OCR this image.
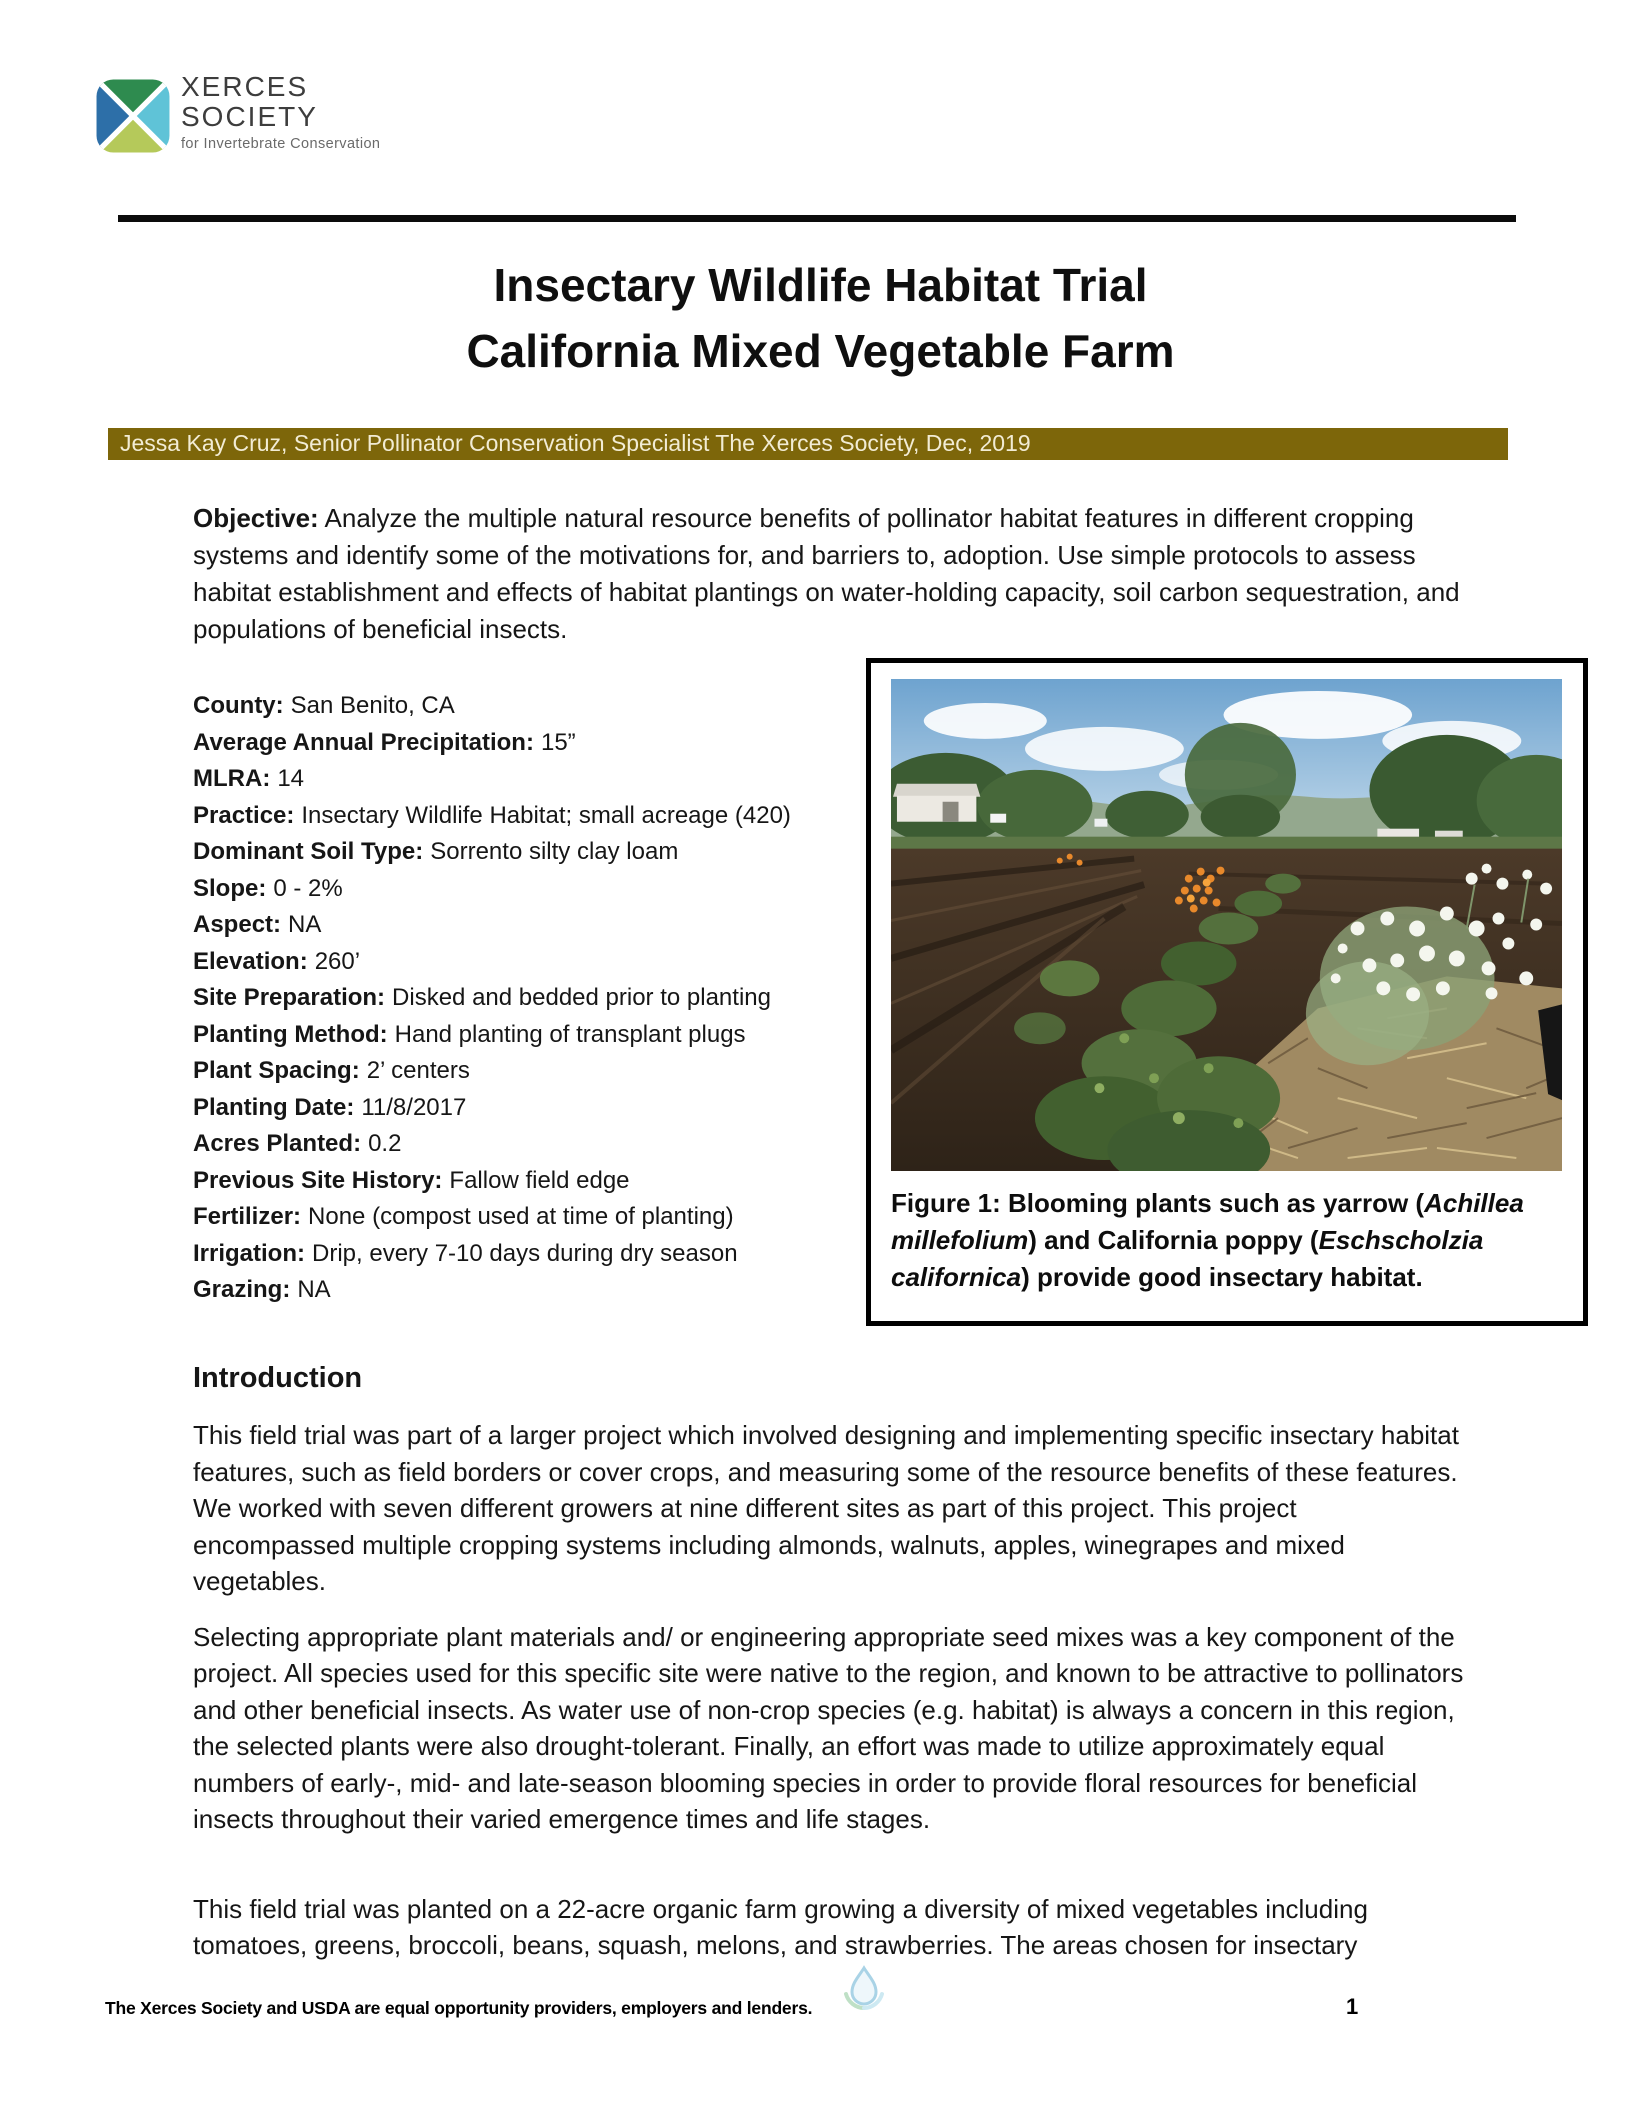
XERCES
SOCIETY
for Invertebrate Conservation
Insectary Wildlife Habitat Trial
California Mixed Vegetable Farm
Jessa Kay Cruz, Senior Pollinator Conservation Specialist The Xerces Society, Dec, 2019

Objective: Analyze the multiple natural resource benefits of pollinator habitat features in different cropping systems and identify some of the motivations for, and barriers to, adoption. Use simple protocols to assess habitat establishment and effects of habitat plantings on water-holding capacity, soil carbon sequestration, and populations of beneficial insects.

County: San Benito, CA
Average Annual Precipitation: 15”
MLRA: 14
Practice: Insectary Wildlife Habitat; small acreage (420)
Dominant Soil Type: Sorrento silty clay loam
Slope: 0 - 2%
Aspect: NA
Elevation: 260’
Site Preparation: Disked and bedded prior to planting
Planting Method: Hand planting of transplant plugs
Plant Spacing: 2’ centers
Planting Date: 11/8/2017
Acres Planted: 0.2
Previous Site History: Fallow field edge
Fertilizer: None (compost used at time of planting)
Irrigation: Drip, every 7-10 days during dry season
Grazing: NA
Figure 1: Blooming plants such as yarrow (Achillea millefolium) and California poppy (Eschscholzia californica) provide good insectary habitat.
Introduction

This field trial was part of a larger project which involved designing and implementing specific insectary habitat features, such as field borders or cover crops, and measuring some of the resource benefits of these features. We worked with seven different growers at nine different sites as part of this project. This project encompassed multiple cropping systems including almonds, walnuts, apples, winegrapes and mixed vegetables.

Selecting appropriate plant materials and/ or engineering appropriate seed mixes was a key component of the project. All species used for this specific site were native to the region, and known to be attractive to pollinators and other beneficial insects. As water use of non-crop species (e.g. habitat) is always a concern in this region, the selected plants were also drought-tolerant. Finally, an effort was made to utilize approximately equal numbers of early-, mid- and late-season blooming species in order to provide floral resources for beneficial insects throughout their varied emergence times and life stages.

This field trial was planted on a 22-acre organic farm growing a diversity of mixed vegetables including tomatoes, greens, broccoli, beans, squash, melons, and strawberries. The areas chosen for insectary

The Xerces Society and USDA are equal opportunity providers, employers and lenders.	1
